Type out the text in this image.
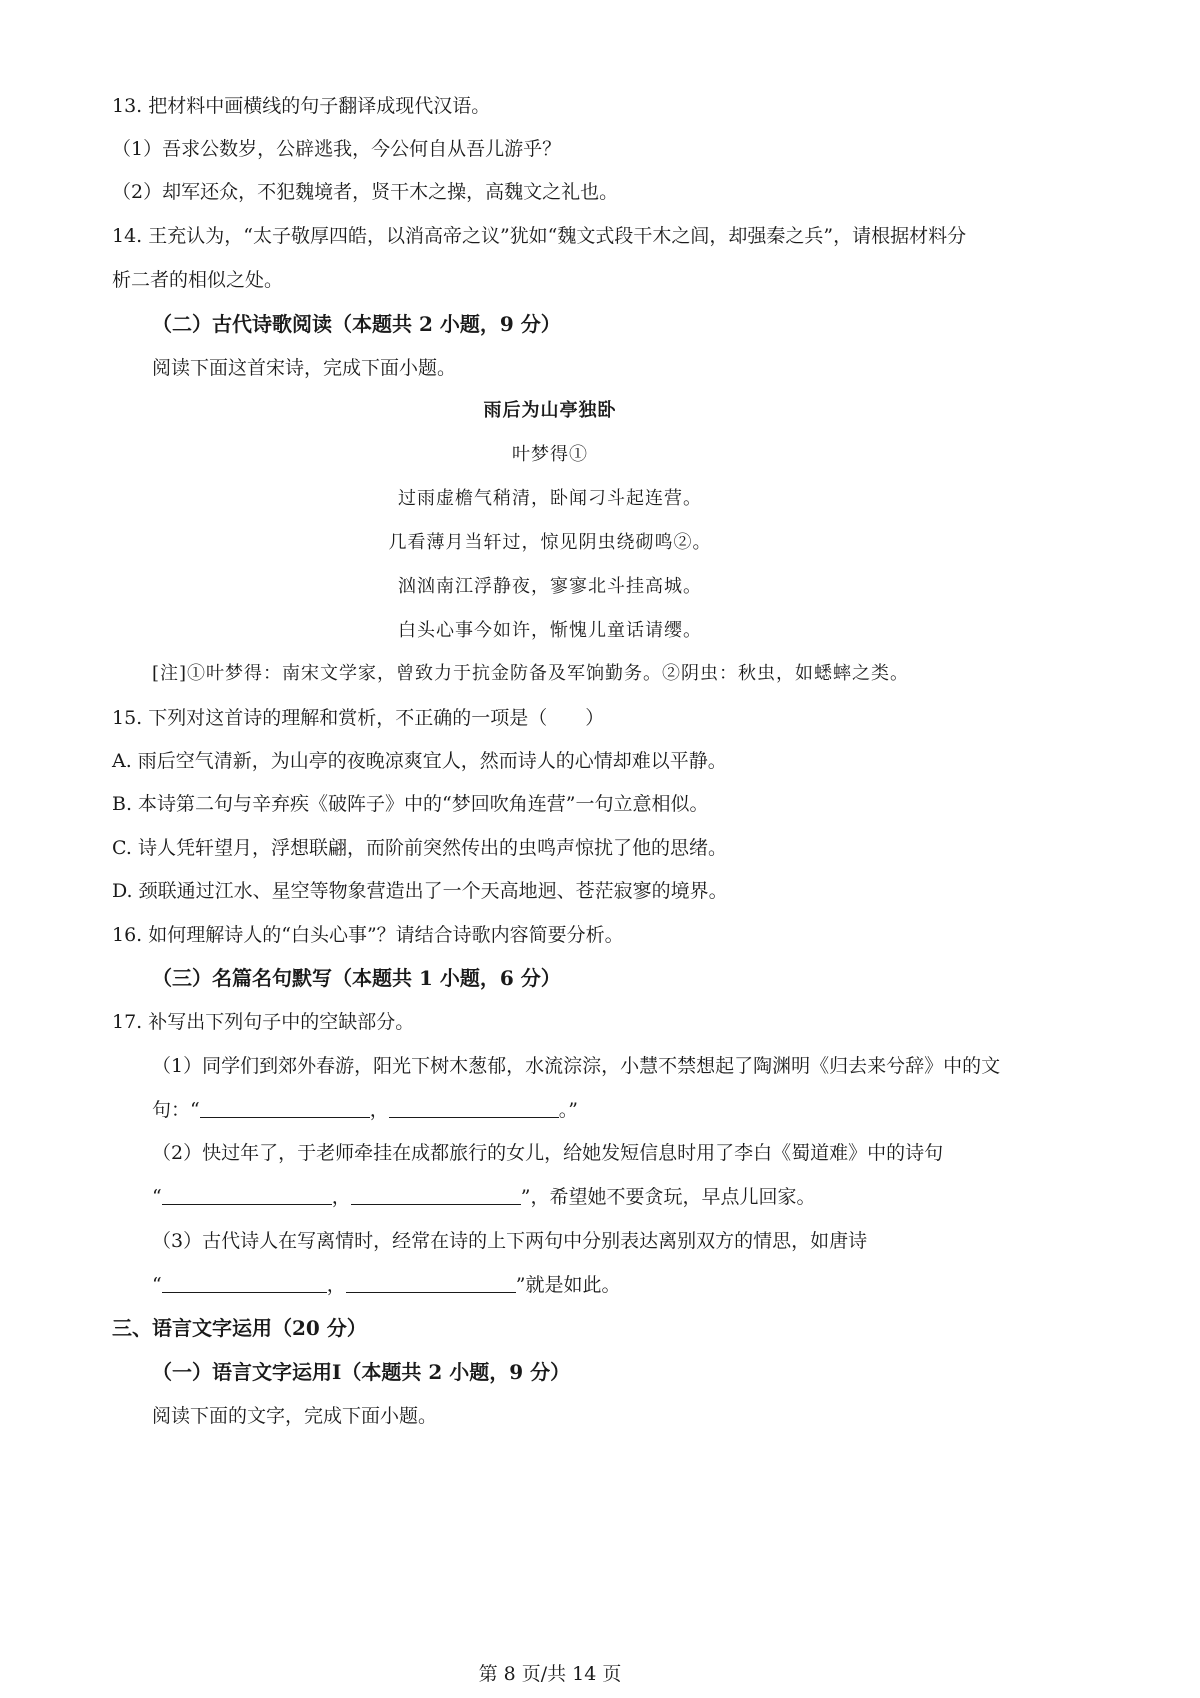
13. 把材料中画横线的句子翻译成现代汉语。
（1）吾求公数岁，公辟逃我，今公何自从吾儿游乎？
（2）却军还众，不犯魏境者，贤干木之操，高魏文之礼也。
14. 王充认为，“太子敬厚四皓，以消高帝之议”犹如“魏文式段干木之闾，却强秦之兵”，请根据材料分
析二者的相似之处。
（二）古代诗歌阅读（本题共 2 小题，9 分）
阅读下面这首宋诗，完成下面小题。
雨后为山亭独卧
叶梦得①
过雨虚檐气稍清，卧闻刁斗起连营。
几看薄月当轩过，惊见阴虫绕砌鸣②。
汹汹南江浮静夜，寥寥北斗挂高城。
白头心事今如许，惭愧儿童话请缨。
[注]①叶梦得：南宋文学家，曾致力于抗金防备及军饷勤务。②阴虫：秋虫，如蟋蟀之类。
15. 下列对这首诗的理解和赏析，不正确的一项是（　　）
A. 雨后空气清新，为山亭的夜晚凉爽宜人，然而诗人的心情却难以平静。
B. 本诗第二句与辛弃疾《破阵子》中的“梦回吹角连营”一句立意相似。
C. 诗人凭轩望月，浮想联翩，而阶前突然传出的虫鸣声惊扰了他的思绪。
D. 颈联通过江水、星空等物象营造出了一个天高地迥、苍茫寂寥的境界。
16. 如何理解诗人的“白头心事”？请结合诗歌内容简要分析。
（三）名篇名句默写（本题共 1 小题，6 分）
17. 补写出下列句子中的空缺部分。
（1）同学们到郊外春游，阳光下树木葱郁，水流淙淙，小慧不禁想起了陶渊明《归去来兮辞》中的文
句：“	，	。”
（2）快过年了，于老师牵挂在成都旅行的女儿，给她发短信息时用了李白《蜀道难》中的诗句
“	，	”，希望她不要贪玩，早点儿回家。
（3）古代诗人在写离情时，经常在诗的上下两句中分别表达离别双方的情思，如唐诗
“	，	”就是如此。
三、语言文字运用（20 分）
（一）语言文字运用Ⅰ（本题共 2 小题，9 分）
阅读下面的文字，完成下面小题。
第 8 页/共 14 页
